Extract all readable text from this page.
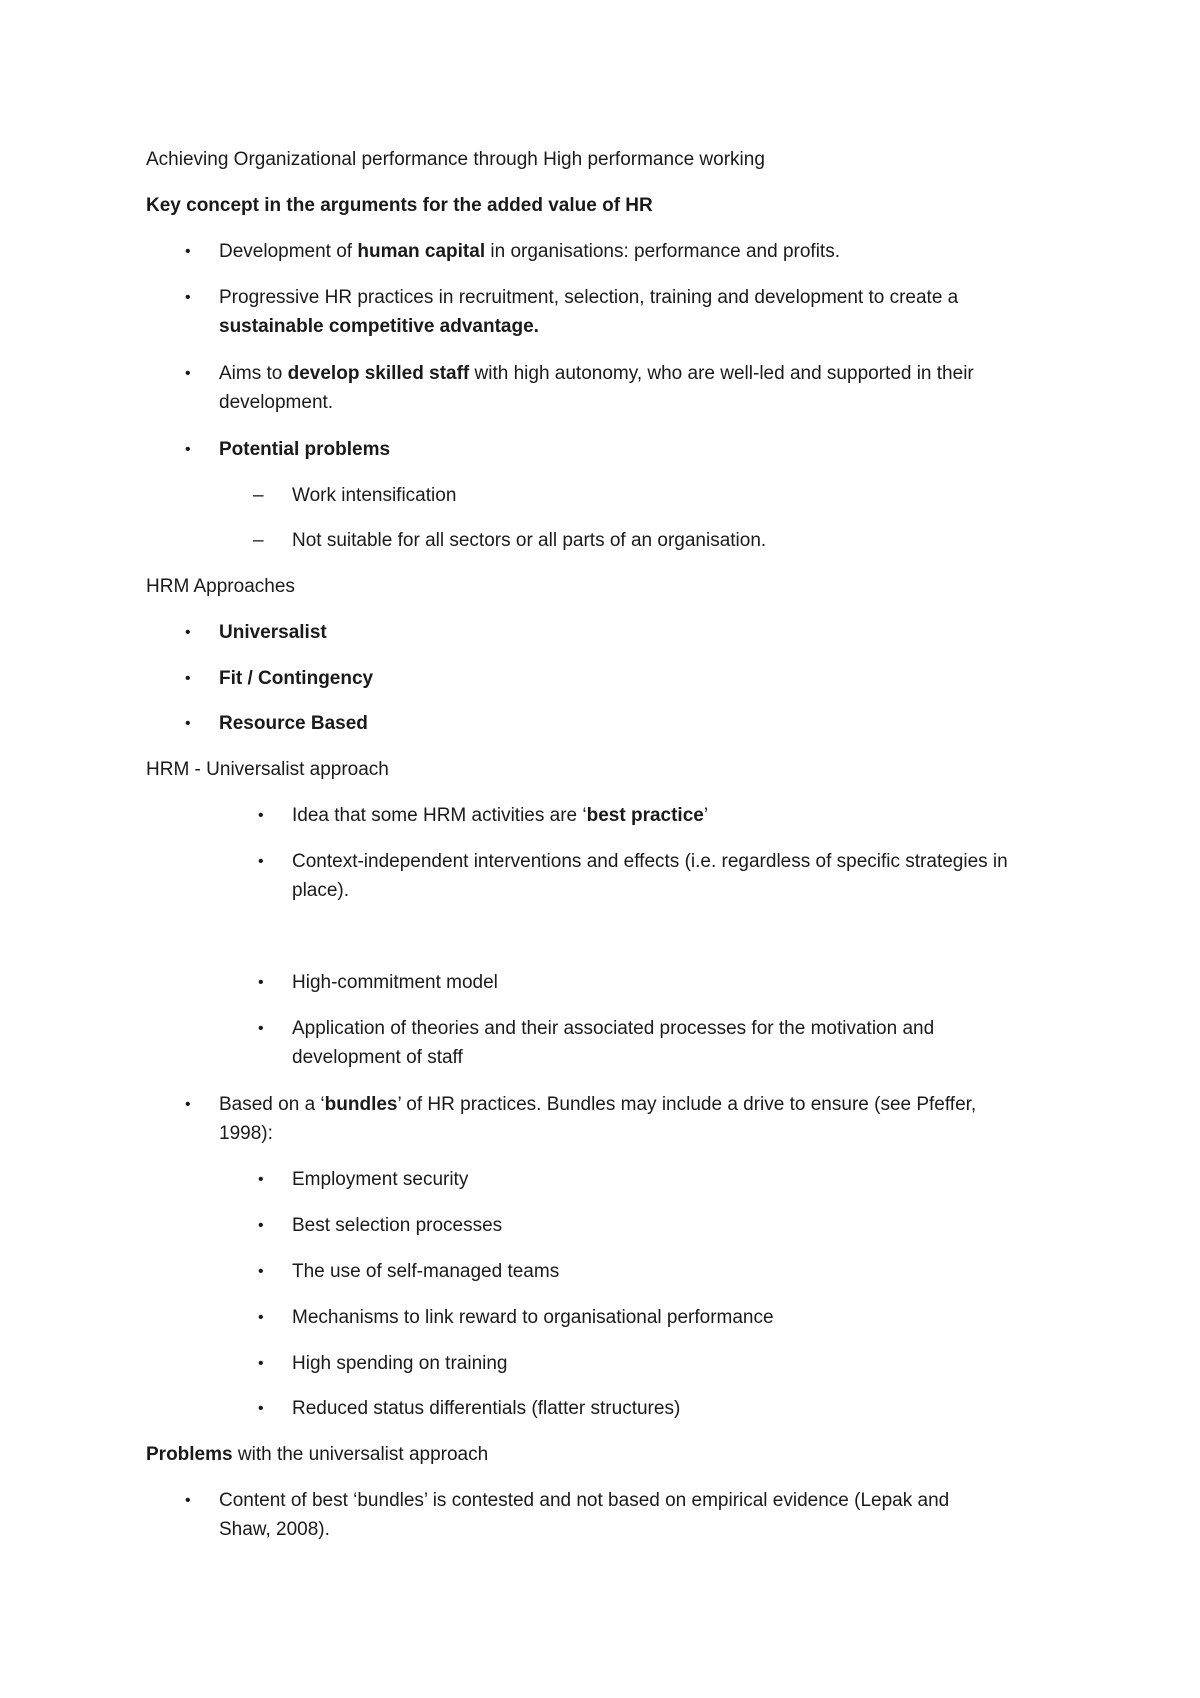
Achieving Organizational performance through High performance working
Key concept in the arguments for the added value of HR
• Development of human capital in organisations: performance and profits.
• Progressive HR practices in recruitment, selection, training and development to create a
sustainable competitive advantage.
• Aims to develop skilled staff with high autonomy, who are well-led and supported in their
development.
• Potential problems
– Work intensification
– Not suitable for all sectors or all parts of an organisation.
HRM Approaches
• Universalist
• Fit / Contingency
• Resource Based
HRM - Universalist approach
• Idea that some HRM activities are ‘best practice’
• Context-independent interventions and effects (i.e. regardless of specific strategies in
place).
• High-commitment model
• Application of theories and their associated processes for the motivation and
development of staff
• Based on a ‘bundles’ of HR practices. Bundles may include a drive to ensure (see Pfeffer,
1998):
• Employment security
• Best selection processes
• The use of self-managed teams
• Mechanisms to link reward to organisational performance
• High spending on training
• Reduced status differentials (flatter structures)
Problems with the universalist approach
• Content of best ‘bundles’ is contested and not based on empirical evidence (Lepak and
Shaw, 2008).
